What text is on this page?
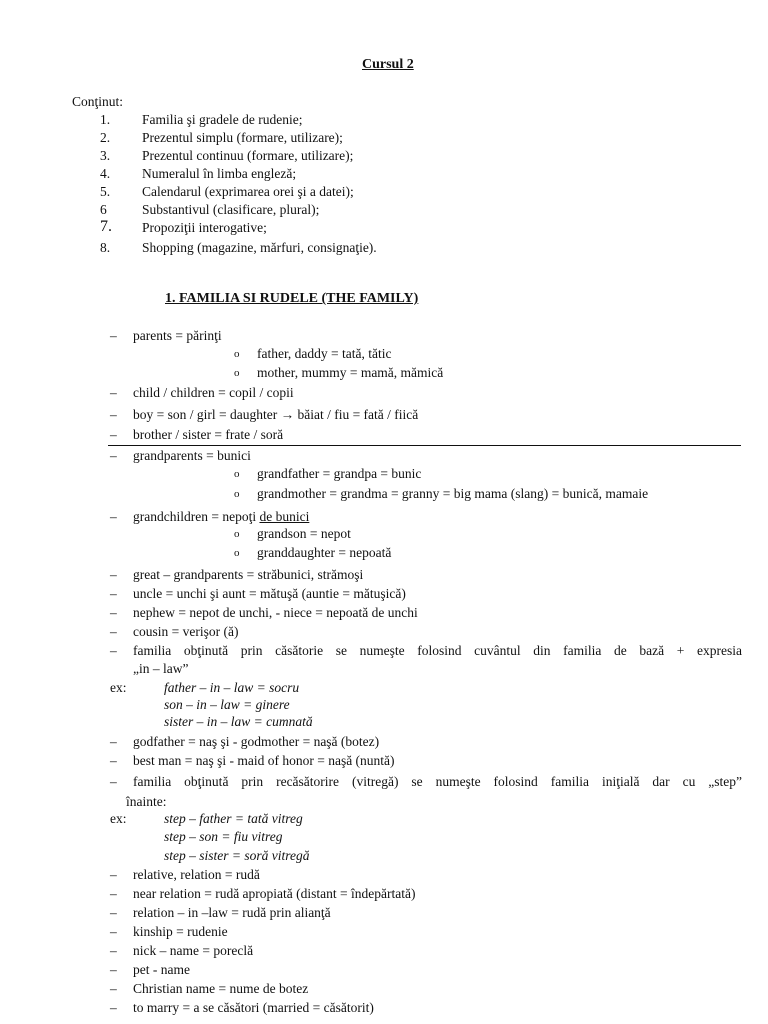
Cursul 2
Conţinut:
1. Familia şi gradele de rudenie;
2. Prezentul simplu (formare, utilizare);
3. Prezentul continuu (formare, utilizare);
4. Numeralul în limba engleză;
5. Calendarul (exprimarea orei şi a datei);
6	Substantivul (clasificare, plural);
7. Propoziţii interogative;
8. Shopping (magazine, mărfuri, consignaţie).
1. FAMILIA SI RUDELE (THE FAMILY)
– parents = părinţi
o father, daddy = tată, tătic
o mother, mummy = mamă, mămică
– child / children = copil / copii
– boy = son / girl = daughter → băiat / fiu = fată / fiică
– brother / sister = frate / soră
– grandparents = bunici
o grandfather = grandpa = bunic
o grandmother = grandma = granny = big mama (slang) = bunică, mamaie
– grandchildren = nepoţi de bunici
o grandson = nepot
o granddaughter = nepoată
– great – grandparents = străbunici, strămoşi
– uncle = unchi şi aunt = mătuşă (auntie = mătuşică)
– nephew = nepot de unchi, - niece = nepoată de unchi
– cousin = verişor (ă)
– familia obţinută prin căsătorie se numeşte folosind cuvântul din familia de bază + expresia
„in – law”
ex:	father – in – law = socru
son – in – law = ginere
sister – in – law = cumnată
– godfather = naş şi - godmother = naşă (botez)
– best man = naş şi - maid of honor = naşă (nuntă)
– familia obţinută prin recăsătorire (vitregă) se numeşte folosind familia iniţială dar cu „step”
înainte:
ex:	step – father = tată vitreg
step – son = fiu vitreg
step – sister = soră vitregă
– relative, relation = rudă
– near relation = rudă apropiată (distant = îndepărtată)
– relation – in –law = rudă prin alianţă
– kinship = rudenie
– nick – name = poreclă
– pet - name
– Christian name = nume de botez
– to marry = a se căsători (married = căsătorit)
